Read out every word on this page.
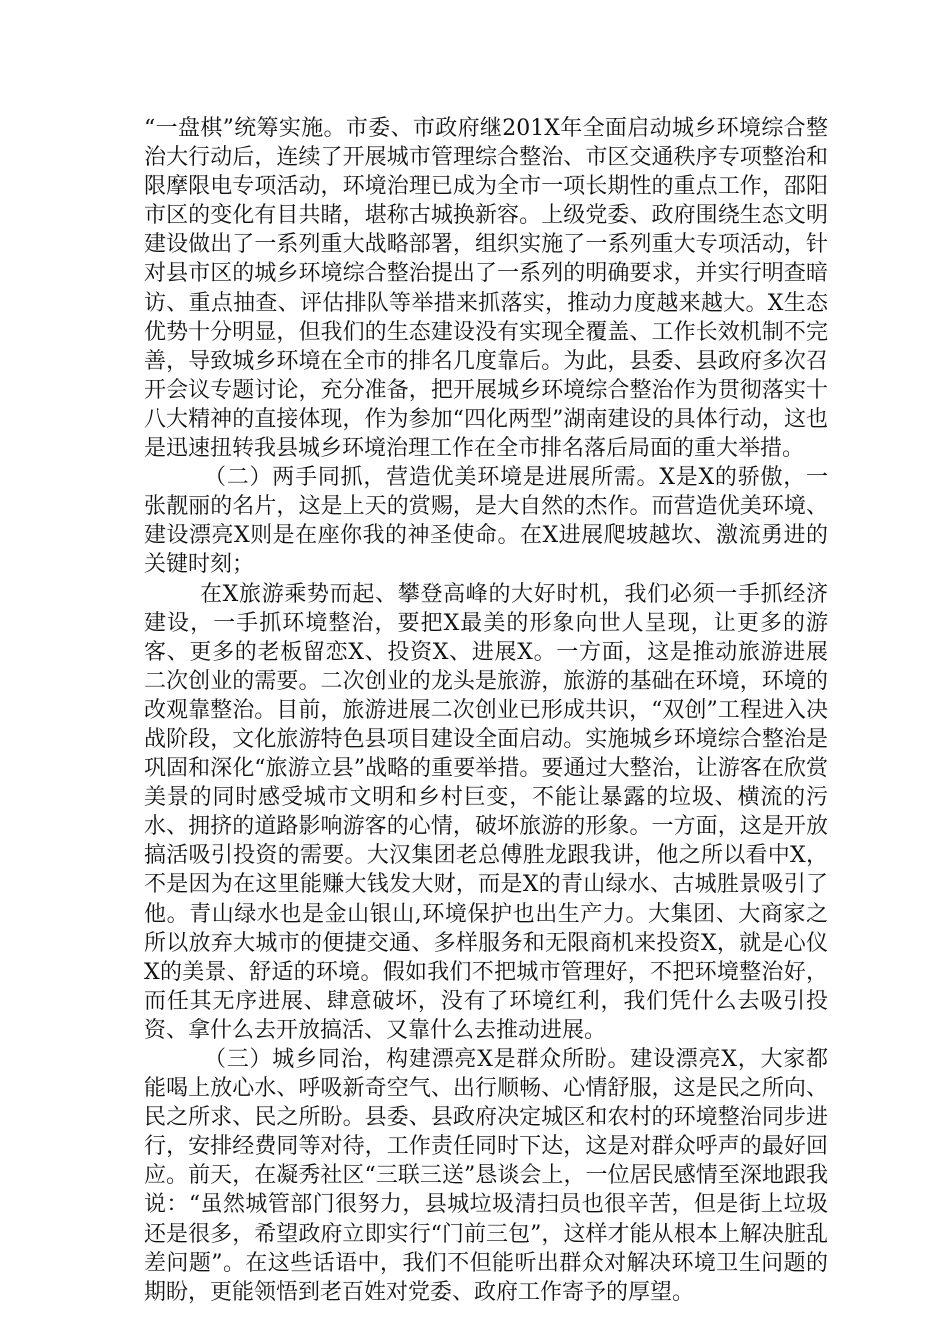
“一盘棋”统筹实施。市委、市政府继201X年全面启动城乡环境综合整治大行动后，连续了开展城市管理综合整治、市区交通秩序专项整治和限摩限电专项活动，环境治理已成为全市一项长期性的重点工作，邵阳市区的变化有目共睹，堪称古城换新容。上级党委、政府围绕生态文明建设做出了一系列重大战略部署，组织实施了一系列重大专项活动，针对县市区的城乡环境综合整治提出了一系列的明确要求，并实行明查暗访、重点抽查、评估排队等举措来抓落实，推动力度越来越大。X生态优势十分明显，但我们的生态建设没有实现全覆盖、工作长效机制不完善，导致城乡环境在全市的排名几度靠后。为此，县委、县政府多次召开会议专题讨论，充分准备，把开展城乡环境综合整治作为贯彻落实十八大精神的直接体现，作为参加“四化两型”湖南建设的具体行动，这也是迅速扭转我县城乡环境治理工作在全市排名落后局面的重大举措。

（二）两手同抓，营造优美环境是进展所需。X是X的骄傲，一张靓丽的名片，这是上天的赏赐，是大自然的杰作。而营造优美环境、建设漂亮X则是在座你我的神圣使命。在X进展爬坡越坎、激流勇进的关键时刻；

在X旅游乘势而起、攀登高峰的大好时机，我们必须一手抓经济建设，一手抓环境整治，要把X最美的形象向世人呈现，让更多的游客、更多的老板留恋X、投资X、进展X。一方面，这是推动旅游进展二次创业的需要。二次创业的龙头是旅游，旅游的基础在环境，环境的改观靠整治。目前，旅游进展二次创业已形成共识，“双创”工程进入决战阶段，文化旅游特色县项目建设全面启动。实施城乡环境综合整治是巩固和深化“旅游立县”战略的重要举措。要通过大整治，让游客在欣赏美景的同时感受城市文明和乡村巨变，不能让暴露的垃圾、横流的污水、拥挤的道路影响游客的心情，破坏旅游的形象。一方面，这是开放搞活吸引投资的需要。大汉集团老总傅胜龙跟我讲，他之所以看中X，不是因为在这里能赚大钱发大财，而是X的青山绿水、古城胜景吸引了他。青山绿水也是金山银山,环境保护也出生产力。大集团、大商家之所以放弃大城市的便捷交通、多样服务和无限商机来投资X，就是心仪X的美景、舒适的环境。假如我们不把城市管理好，不把环境整治好，而任其无序进展、肆意破坏，没有了环境红利，我们凭什么去吸引投资、拿什么去开放搞活、又靠什么去推动进展。

（三）城乡同治，构建漂亮X是群众所盼。建设漂亮X，大家都能喝上放心水、呼吸新奇空气、出行顺畅、心情舒服，这是民之所向、民之所求、民之所盼。县委、县政府决定城区和农村的环境整治同步进行，安排经费同等对待，工作责任同时下达，这是对群众呼声的最好回应。前天，在凝秀社区“三联三送”恳谈会上，一位居民感情至深地跟我说：“虽然城管部门很努力，县城垃圾清扫员也很辛苦，但是街上垃圾还是很多，希望政府立即实行“门前三包”，这样才能从根本上解决脏乱差问题”。在这些话语中，我们不但能听出群众对解决环境卫生问题的期盼，更能领悟到老百姓对党委、政府工作寄予的厚望。
